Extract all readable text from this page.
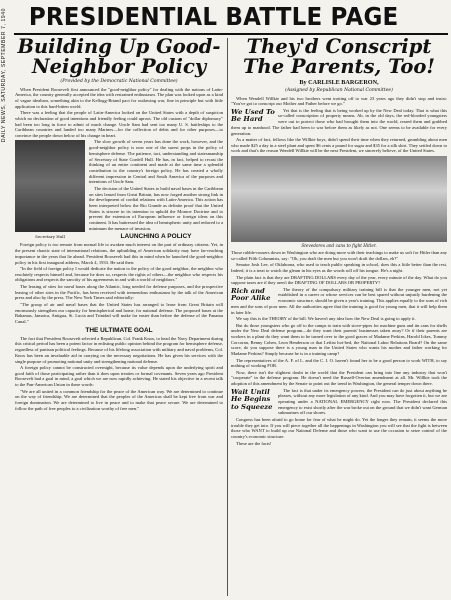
DAILY NEWS, SATURDAY, SEPTEMBER 7, 1940 PRESIDENTIAL BATTLE PAGE
Building Up Good-Neighbor Policy
(Provided by the Democratic National Committee)

When President Roosevelt first announced the "good-neighbor policy" for dealing with the nations of Latin-America, the country generally accepted the idea with restrained enthusiasm. The plan was looked upon as a kind of vague idealism, something akin to the Kellogg-Briand pact for outlawing war, fine in principle but with little application to this hard-bitten world.

There was a feeling that the people of Latin-America looked on the United States with a depth of suspicion which no declaration of good intentions and friendly feeling could uproot. The old custom of "dollar diplomacy" had been too long in force to admit of much change. Uncle Sam had sent too many U. S. battleships to the Caribbean countries and landed too many Marines—for the collection of debts and for other purposes—to convince the people down below of his change in heart.

Secretary Hull

The slow growth of seven years has done the work, however, and the good-neighbor policy is now one of the surest props in the policy of hemisphere defense. The patience, tact, understanding and statesmanship of Secretary of State Cordell Hull. He has, in fact, helped to recast the thinking of an entire continent and made at the same time a splendid contribution to the country's foreign policy. He has created a wholly different impression in Central and South America of the purposes and intentions of Uncle Sam.

The decision of the United States to build naval bases in the Caribbean on sites leased from Great Britain, has now forged another strong link in the development of cordial relations with Latin-America. This action has been interpreted below the Rio Grande as definite proof that the United States is sincere in its intention to uphold the Monroe Doctrine and to prevent the extension of European influence or foreign ideas on this continent. It has buttressed the idea of hemispheric unity and reduced to a minimum the menace of invasion.

LAUNCHING A POLICY

Foreign policy is too remote from normal life to awaken much interest on the part of ordinary citizens. Yet, in the present chaotic state of international relations, the upbuilding of American solidarity may have far-reaching importance in the years that lie ahead. President Roosevelt had this in mind when he launched the good-neighbor policy in his first inaugural address, March 4, 1933. He said then:

"In the field of foreign policy I would dedicate the nation to the policy of the good neighbor, the neighbor who resolutely respects himself and, because he does so, respects the rights of others—the neighbor who respects his obligations and respects the sanctity of his agreements in and with a world of neighbors."

The leasing of sites for naval bases along the Atlantic, long needed for defense purposes, and the prospective leasing of other sites in the Pacific, has been received with tremendous enthusiasm by the talk of the American press and also by the press. The New York Times said editorially:

"The group of air and naval bases that the United States has arranged to lease from Great Britain will enormously strengthen our capacity for hemispherical and home, for national defense. The proposed bases at the Bahamas, Jamaica, Antigua, St. Lucia and Trinidad will make far easier than before the defense of the Panama Canal."

THE ULTIMATE GOAL

The fact that President Roosevelt selected a Republican, Col. Frank Knox, to head the Navy Department during this critical period has been a potent factor in enlisting public opinion behind the program for hemisphere defense, regardless of partisan political feelings. Because of his lifelong association with military and naval problems, Col. Knox has been an invaluable aid in carrying on the necessary negotiations. He has given his services with the single purpose of promoting national unity and strengthening national defense.

A foreign policy cannot be constructed overnight, because its value depends upon the underlying spirit and good faith of those participating rather than it does upon treaties or formal covenants. Seven years ago President Roosevelt had a goal in mind, a goal which we are now rapidly achieving. He stated his objective in a recent talk to the Pan-American Union in these words:

"We are all united in a common friendship for the peace of the American way. We are determined to continue on the way of friendship. We are determined that the peoples of the Americas shall be kept free from war and foreign domination. We are determined to live in peace and to make that peace secure. We are determined to follow the path of free peoples to a civilization worthy of free men."

They'd Conscript The Parents, Too!
By CARLISLE BARGERON,
(Assigned by Republican National Committee)

When Wendell Willkie and his two brothers went trotting off to war 23 years ago they didn't stop and insist: "You've got to conscript our Mother and Father before we go."

We Used To Be Hard

Yet that is the feeling that is being worked up by the New Deal today. That is what this so-called conscription of property means. Ah, in the old days, the red-blooded youngsters were out to protect those who had brought them into the world, reared them and grubbed them up to manhood. The father had been to war before them as likely as not. One seems to be available for every generation.

As a matter of fact, fellows like the Willkie boys, didn't spend their time when they returned, grumbling about men who made $25 a day in a steel plant and spent $6 cents a pound for sugar and $35 for a silk shirt. They settled down to work and that's the reason Wendell Willkie will be the next President, we sincerely believe, of the United States.

Stevedores and cans to fight Hitler.

Those rubble-rousers down in Washington who are doing more with their teachings to make us soft for Hitler than any so-called Fifth Columnists, say: "Oh, you draft the men but you won't draft the dollars, eh?"

Senator Josh Lee, of Oklahoma, who used to teach public speaking in school, does this a little better than the rest. Indeed, it is a treat to watch the gleam in his eyes as the words roll off his tongue. He's a night.

The plain fact is that they are DRAFTING DOLLARS every day of the year, every minute of the day. What do you suppose taxes are if they aren't the DRAFTING OF DOLLARS OR PROPERTY?

Rich and Poor Alike

The theory of the compulsory military training bill is that the younger men, not yet established in a career or whose services can be best spared without unjustly burdening the economic structure, should be given a year's training. This applies equally to the sons of rich men and the sons of poor men. All the authorities agree that the training is good for young men, that it will help them in later life.

We say this is the THEORY of the bill. We haven't any idea how the New Deal is going to apply it.

But do those youngsters who go off to the camps to train with stove-pipes for machine guns and tin cans for shells under the New Deal defense program—do they want their parents' businesses taken away? Or if their parents are workers in a plant do they want them to be turned over to the good graces of Madame Perkins, Harold Ickes, Tommy Corcoran, Benny Cohen, Leon Henderson or that Leftist hot-bed, the National Labor Relations Board? On the same score, do you suppose there is a young man in the United States who wants his mother and father working for Madame Perkins? Simply because he is in a training camp?

The representatives of the A. F. of L. and the C. I. O. haven't found her to be a good person to work WITH, to say nothing of working FOR.

Now, there isn't the slightest doubt in the world that the President can bring into line any industry that won't "cooperate" in the defense program. He doesn't need the Russell-Overton amendment at all. Mr. Willkie took the adoption of this amendment by the Senate to point out the trend in Washington, the general temper down there.

Wait Until He Begins to Squeeze

The fact is that under its emergency powers, the President can do just about anything he pleases, without any more legislation of any kind. And you may have forgotten it, but we are operating under a NATIONAL EMERGENCY right now. The President declared this emergency to exist shortly after the war broke out on the ground that we didn't want German submarines off our shores.

Congress has been afraid to go home for fear of what he might do. Yet the longer they remain, it seems the more trouble they get into. If you will piece together all the happenings in Washington you will see that the fight is between those who WANT to build up our National Defense and those who want to use the occasion to seize control of the country's economic structure.

These are the facts!
